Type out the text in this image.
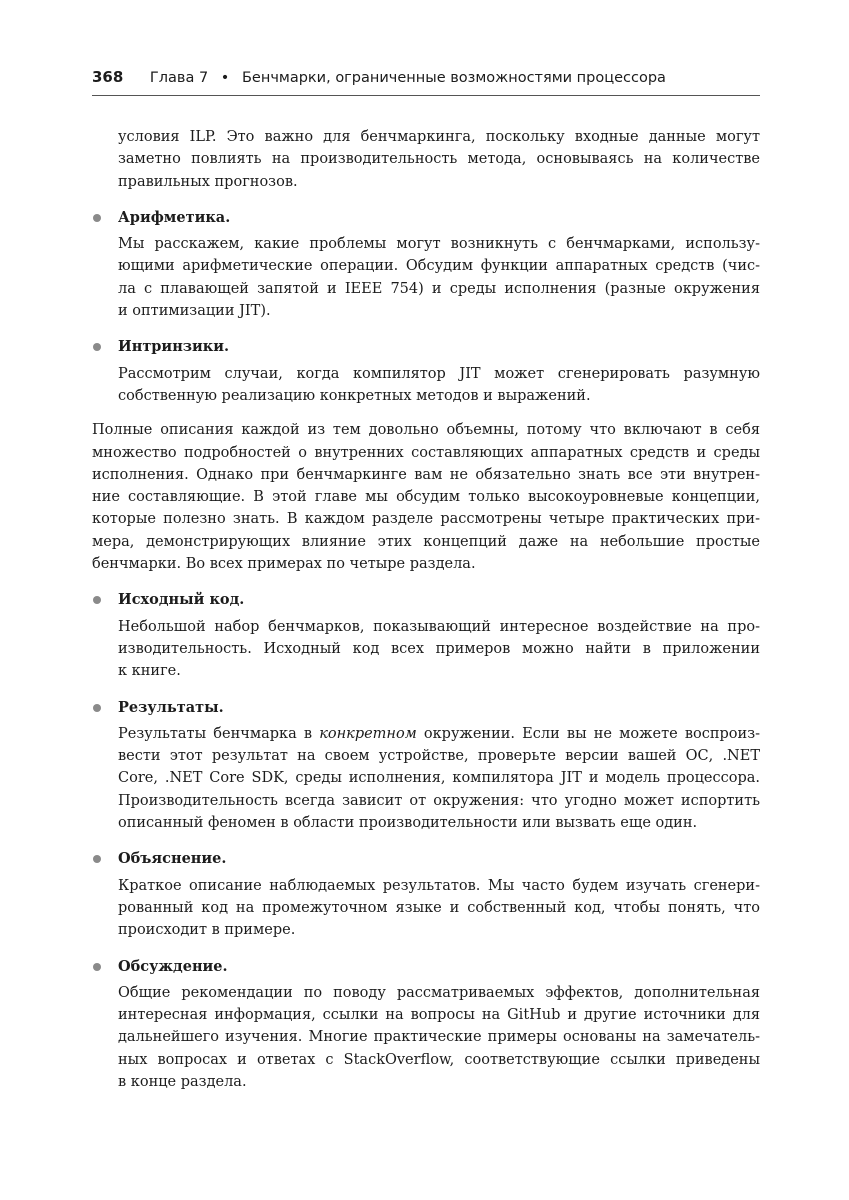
368 Глава 7 • Бенчмарки, ограниченные возможностями процессора
условия ILP. Это важно для бенчмаркинга, поскольку входные данные могут
заметно повлиять на производительность метода, основываясь на количестве
правильных прогнозов.
Арифметика.
Мы расскажем, какие проблемы могут возникнуть с бенчмарками, использу-
ющими арифметические операции. Обсудим функции аппаратных средств (чис-
ла с плавающей запятой и IEEE 754) и среды исполнения (разные окружения
и оптимизации JIT).
Интринзики.
Рассмотрим случаи, когда компилятор JIT может сгенерировать разумную
собственную реализацию конкретных методов и выражений.
Полные описания каждой из тем довольно объемны, потому что включают в себя
множество подробностей о внутренних составляющих аппаратных средств и среды
исполнения. Однако при бенчмаркинге вам не обязательно знать все эти внутрен-
ние составляющие. В этой главе мы обсудим только высокоуровневые концепции,
которые полезно знать. В каждом разделе рассмотрены четыре практических при-
мера, демонстрирующих влияние этих концепций даже на небольшие простые
бенчмарки. Во всех примерах по четыре раздела.
Исходный код.
Небольшой набор бенчмарков, показывающий интересное воздействие на про-
изводительность. Исходный код всех примеров можно найти в приложении
к книге.
Результаты.
Результаты бенчмарка в конкретном окружении. Если вы не можете воспроиз-
вести этот результат на своем устройстве, проверьте версии вашей ОС, .NET
Core, .NET Core SDK, среды исполнения, компилятора JIT и модель процессора.
Производительность всегда зависит от окружения: что угодно может испортить
описанный феномен в области производительности или вызвать еще один.
Объяснение.
Краткое описание наблюдаемых результатов. Мы часто будем изучать сгенери-
рованный код на промежуточном языке и собственный код, чтобы понять, что
происходит в примере.
Обсуждение.
Общие рекомендации по поводу рассматриваемых эффектов, дополнительная
интересная информация, ссылки на вопросы на GitHub и другие источники для
дальнейшего изучения. Многие практические примеры основаны на замечатель-
ных вопросах и ответах с StackOverflow, соответствующие ссылки приведены
в конце раздела.
